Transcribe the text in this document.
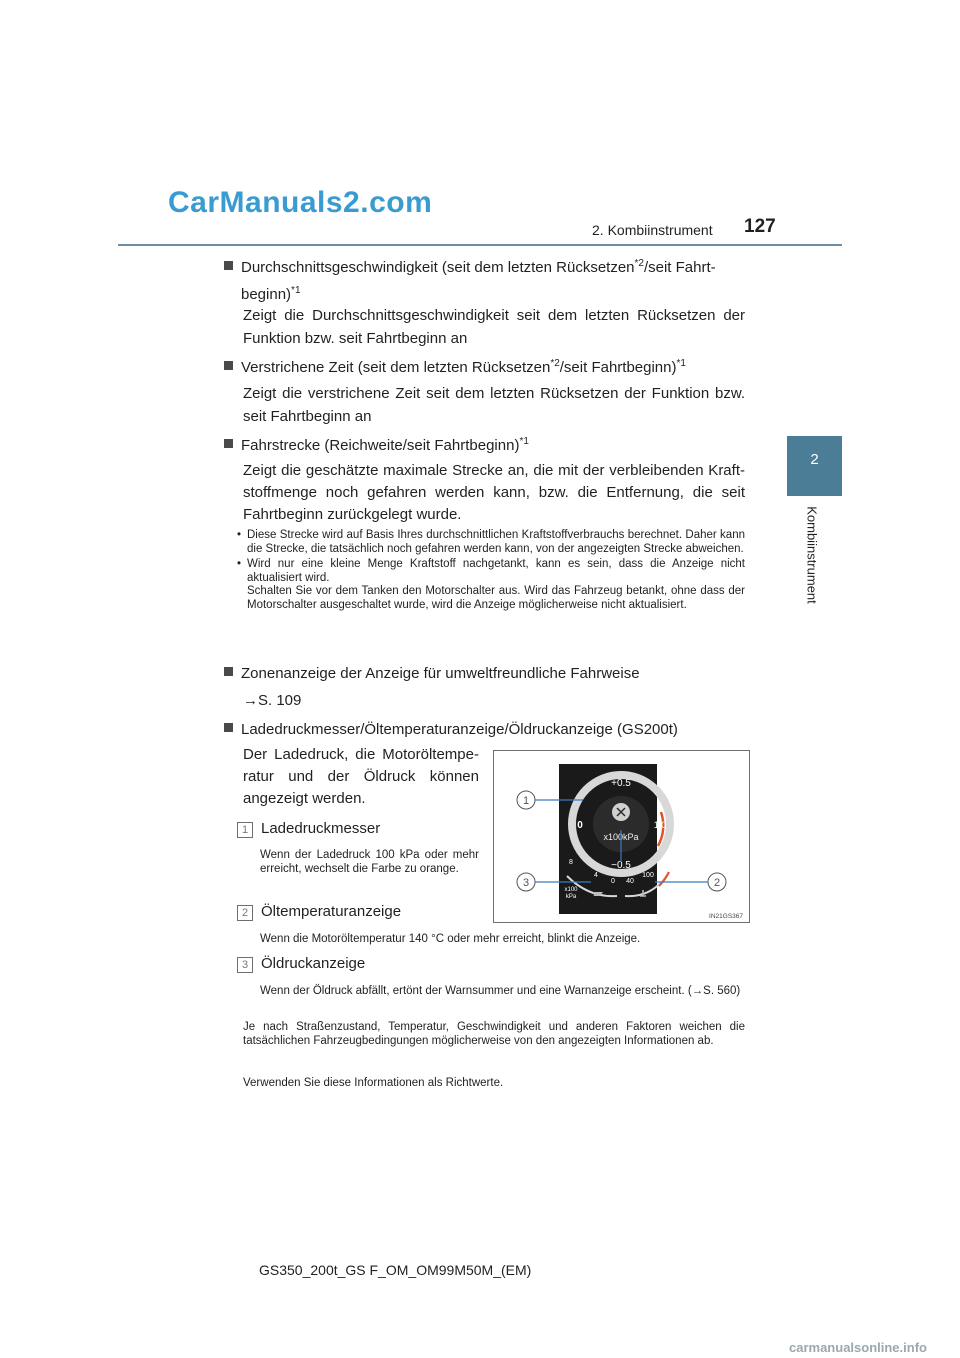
CarManuals2.com
2. Kombiinstrument 127
2
Kombiinstrument
Durchschnittsgeschwindigkeit (seit dem letzten Rücksetzen$^{*2}$/seit Fahrt-
beginn)$^{*1}$
Zeigt die Durchschnittsgeschwindigkeit seit dem letzten Rücksetzen der Funktion bzw. seit Fahrtbeginn an
Verstrichene Zeit (seit dem letzten Rücksetzen$^{*2}$/seit Fahrtbeginn)$^{*1}$
Zeigt die verstrichene Zeit seit dem letzten Rücksetzen der Funktion bzw. seit Fahrtbeginn an
Fahrstrecke (Reichweite/seit Fahrtbeginn)$^{*1}$
Zeigt die geschätzte maximale Strecke an, die mit der verbleibenden Kraftstoffmenge noch gefahren werden kann, bzw. die Entfernung, die seit Fahrtbeginn zurückgelegt wurde.
• Diese Strecke wird auf Basis Ihres durchschnittlichen Kraftstoffverbrauchs berechnet. Daher kann die Strecke, die tatsächlich noch gefahren werden kann, von der angezeigten Strecke abweichen.
• Wird nur eine kleine Menge Kraftstoff nachgetankt, kann es sein, dass die Anzeige nicht aktualisiert wird.
Schalten Sie vor dem Tanken den Motorschalter aus. Wird das Fahrzeug betankt, ohne dass der Motorschalter ausgeschaltet wurde, wird die Anzeige möglicherweise nicht aktualisiert.
Zonenanzeige der Anzeige für umweltfreundliche Fahrweise
→S. 109
Ladedruckmesser/Öltemperaturanzeige/Öldruckanzeige (GS200t)
Der Ladedruck, die Motoröltemperatur und der Öldruck können angezeigt werden.
1 Ladedruckmesser
Wenn der Ladedruck 100 kPa oder mehr erreicht, wechselt die Farbe zu orange.
2 Öltemperaturanzeige
Wenn die Motoröltemperatur 140 °C oder mehr erreicht, blinkt die Anzeige.
3 Öldruckanzeige
Wenn der Öldruck abfällt, ertönt der Warnsummer und eine Warnanzeige erscheint. (→S. 560)
Je nach Straßenzustand, Temperatur, Geschwindigkeit und anderen Faktoren weichen die tatsächlichen Fahrzeugbedingungen möglicherweise von den angezeigten Informationen ab.
Verwenden Sie diese Informationen als Richtwerte.
+0.5
0	1.0
−0.5
x100kPa
8
4
0
x100
kPa
160
100
40
°C
1
3	2
IN21GS367
GS350_200t_GS F_OM_OM99M50M_(EM)
carmanualsonline.info
